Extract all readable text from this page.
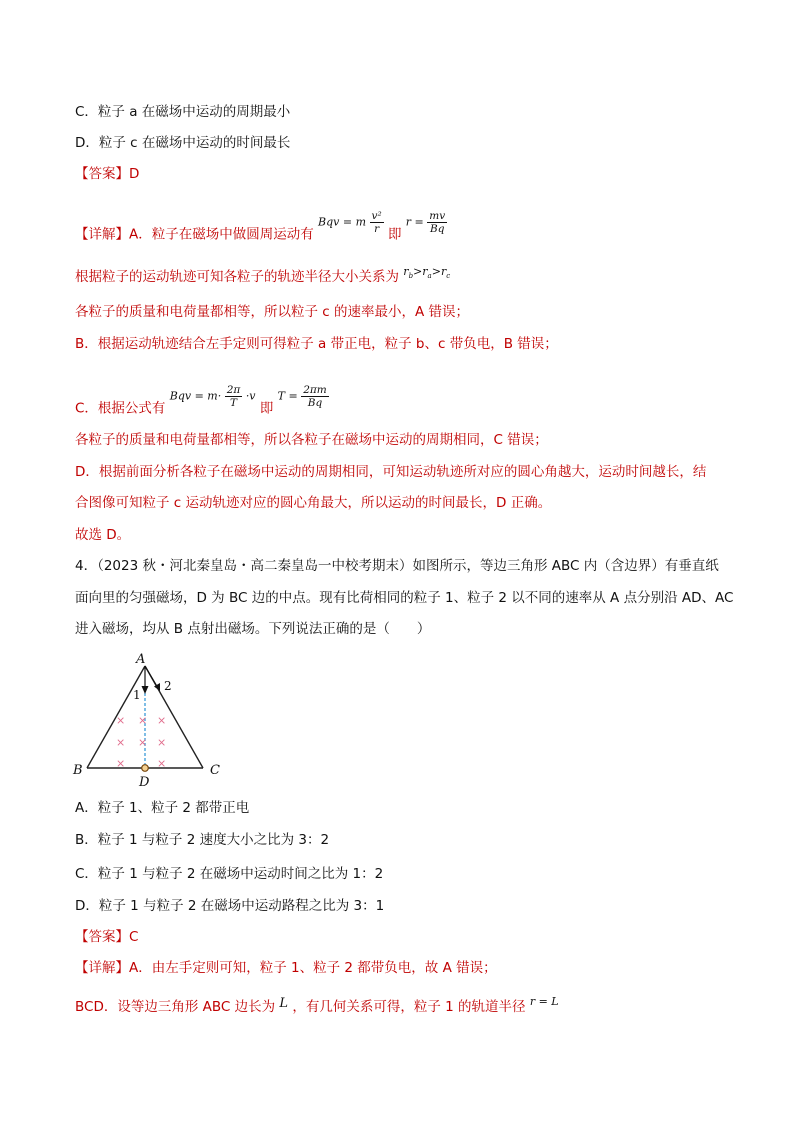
C．粒子 a 在磁场中运动的周期最小
D．粒子 c 在磁场中运动的时间最长
【答案】D
【详解】A．粒子在磁场中做圆周运动有 Bqv = m $\frac{\text{v²}}{r}$ 即 $r = \frac{mv}{Bq}$
根据粒子的运动轨迹可知各粒子的轨迹半径大小关系为 $^{r_b>r_a>r_c}$
各粒子的质量和电荷量都相等，所以粒子 c 的速率最小，A 错误；
B．根据运动轨迹结合左手定则可得粒子 a 带正电，粒子 b、c 带负电，B 错误；
C．根据公式有 Bqv = $m\cdot \frac{2\pi}{T} \cdot v$ 即 $T = \frac{2\pi m}{Bq}$
各粒子的质量和电荷量都相等，所以各粒子在磁场中运动的周期相同，C 错误；
D．根据前面分析各粒子在磁场中运动的周期相同，可知运动轨迹所对应的圆心角越大，运动时间越长，结
合图像可知粒子 c 运动轨迹对应的圆心角最大，所以运动的时间最长，D 正确。
故选 D。
4．（2023 秋・河北秦皇岛・高二秦皇岛一中校考期末）如图所示，等边三角形 ABC 内（含边界）有垂直纸
面向里的匀强磁场，D 为 BC 边的中点。现有比荷相同的粒子 1、粒子 2 以不同的速率从 A 点分别沿 AD、AC
进入磁场，均从 B 点射出磁场。下列说法正确的是（　　）
× × ×
× × ×
×	×
A
B	C
D
1
2
A．粒子 1、粒子 2 都带正电
B．粒子 1 与粒子 2 速度大小之比为 3：2
C．粒子 1 与粒子 2 在磁场中运动时间之比为 1：2
D．粒子 1 与粒子 2 在磁场中运动路程之比为 3：1
【答案】C
【详解】A．由左手定则可知，粒子 1、粒子 2 都带负电，故 A 错误；
BCD．设等边三角形 ABC 边长为 L ，有几何关系可得，粒子 1 的轨道半径 $^{r = L}$
